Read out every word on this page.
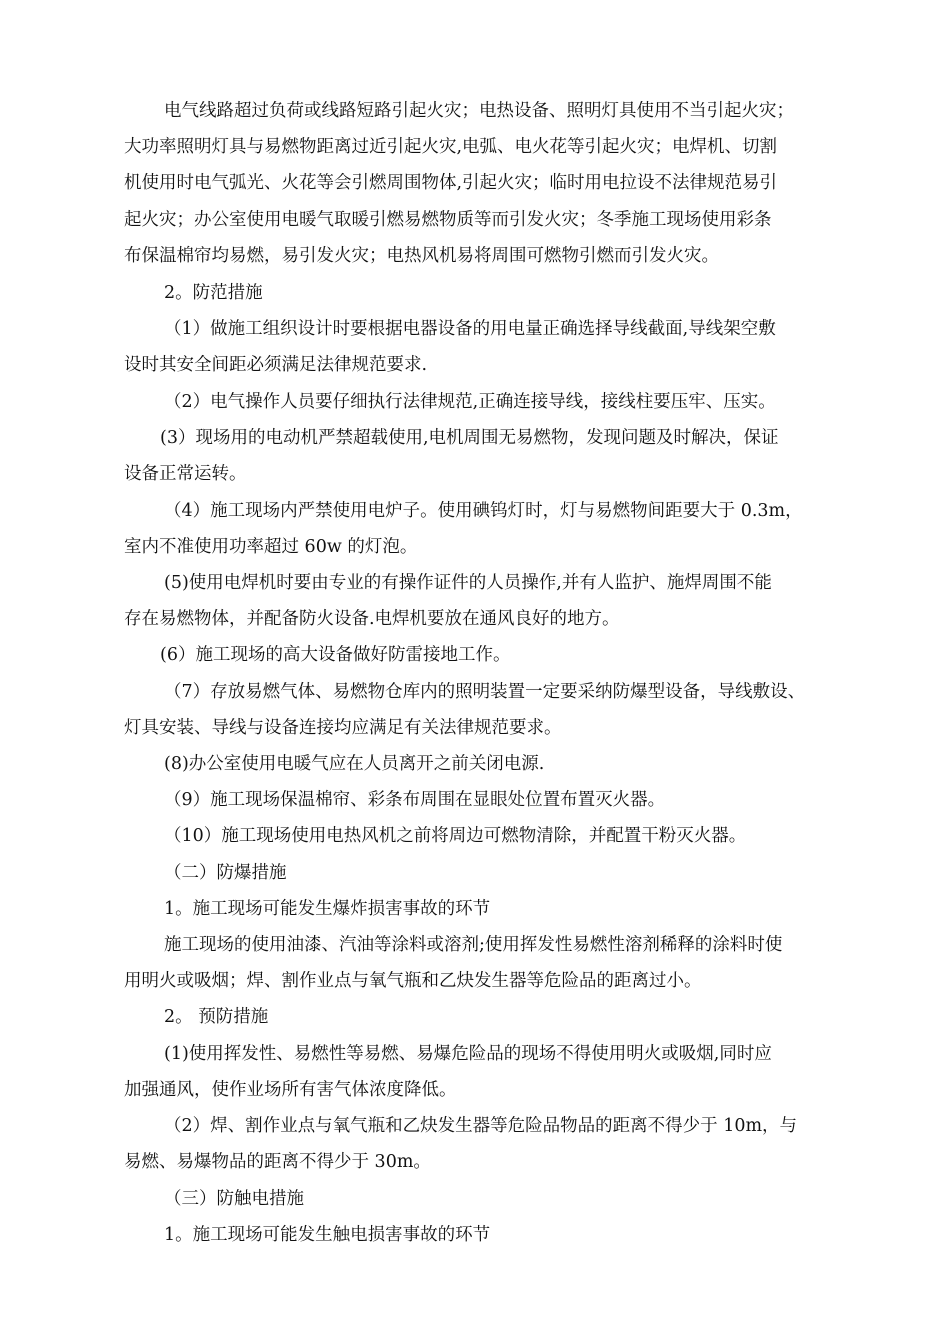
电气线路超过负荷或线路短路引起火灾；电热设备、照明灯具使用不当引起火灾；
大功率照明灯具与易燃物距离过近引起火灾,电弧、电火花等引起火灾；电焊机、切割
机使用时电气弧光、火花等会引燃周围物体,引起火灾；临时用电拉设不法律规范易引
起火灾；办公室使用电暖气取暖引燃易燃物质等而引发火灾；冬季施工现场使用彩条
布保温棉帘均易燃，易引发火灾；电热风机易将周围可燃物引燃而引发火灾。
2。防范措施
（1）做施工组织设计时要根据电器设备的用电量正确选择导线截面,导线架空敷
设时其安全间距必须满足法律规范要求.
（2）电气操作人员要仔细执行法律规范,正确连接导线，接线柱要压牢、压实。
(3）现场用的电动机严禁超载使用,电机周围无易燃物，发现问题及时解决，保证
设备正常运转。
（4）施工现场内严禁使用电炉子。使用碘钨灯时，灯与易燃物间距要大于 0.3m，
室内不准使用功率超过 60w 的灯泡。
(5)使用电焊机时要由专业的有操作证件的人员操作,并有人监护、施焊周围不能
存在易燃物体，并配备防火设备.电焊机要放在通风良好的地方。
(6）施工现场的高大设备做好防雷接地工作。
（7）存放易燃气体、易燃物仓库内的照明装置一定要采纳防爆型设备，导线敷设、
灯具安装、导线与设备连接均应满足有关法律规范要求。
(8)办公室使用电暖气应在人员离开之前关闭电源.
（9）施工现场保温棉帘、彩条布周围在显眼处位置布置灭火器。
（10）施工现场使用电热风机之前将周边可燃物清除，并配置干粉灭火器。
（二）防爆措施
1。施工现场可能发生爆炸损害事故的环节
施工现场的使用油漆、汽油等涂料或溶剂;使用挥发性易燃性溶剂稀释的涂料时使
用明火或吸烟；焊、割作业点与氧气瓶和乙炔发生器等危险品的距离过小。
2。 预防措施
(1)使用挥发性、易燃性等易燃、易爆危险品的现场不得使用明火或吸烟,同时应
加强通风，使作业场所有害气体浓度降低。
（2）焊、割作业点与氧气瓶和乙炔发生器等危险品物品的距离不得少于 10m，与
易燃、易爆物品的距离不得少于 30m。
（三）防触电措施
1。施工现场可能发生触电损害事故的环节
